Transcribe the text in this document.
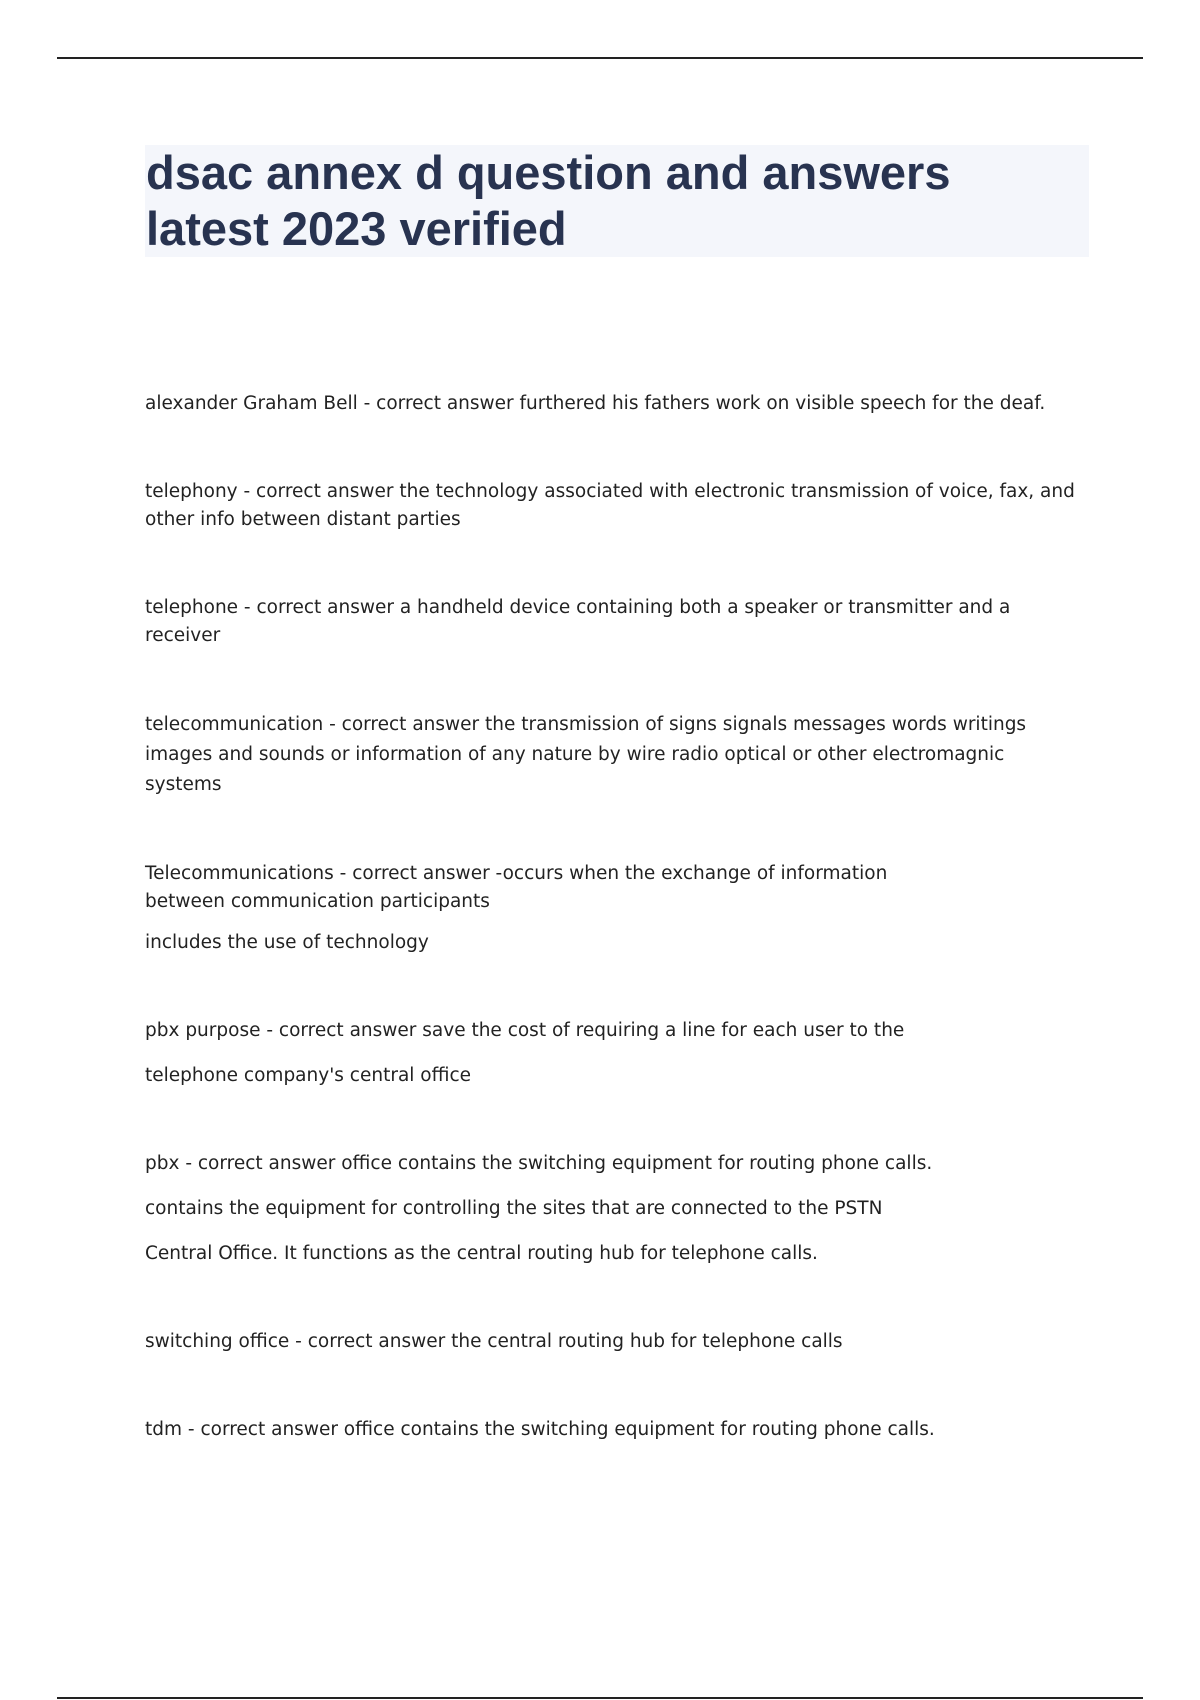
dsac annex d question and answers
latest 2023 verified

alexander Graham Bell - correct answer furthered his fathers work on visible speech for the deaf.

telephony - correct answer the technology associated with electronic transmission of voice, fax, and other info between distant parties

telephone - correct answer a handheld device containing both a speaker or transmitter and a receiver

telecommunication - correct answer the transmission of signs signals messages words writings images and sounds or information of any nature by wire radio optical or other electromagnic systems

Telecommunications - correct answer -occurs when the exchange of information between communication participants

includes the use of technology

pbx purpose - correct answer save the cost of requiring a line for each user to the

telephone company's central office

pbx - correct answer office contains the switching equipment for routing phone calls.

contains the equipment for controlling the sites that are connected to the PSTN

Central Office. It functions as the central routing hub for telephone calls.

switching office - correct answer the central routing hub for telephone calls

tdm - correct answer office contains the switching equipment for routing phone calls.
